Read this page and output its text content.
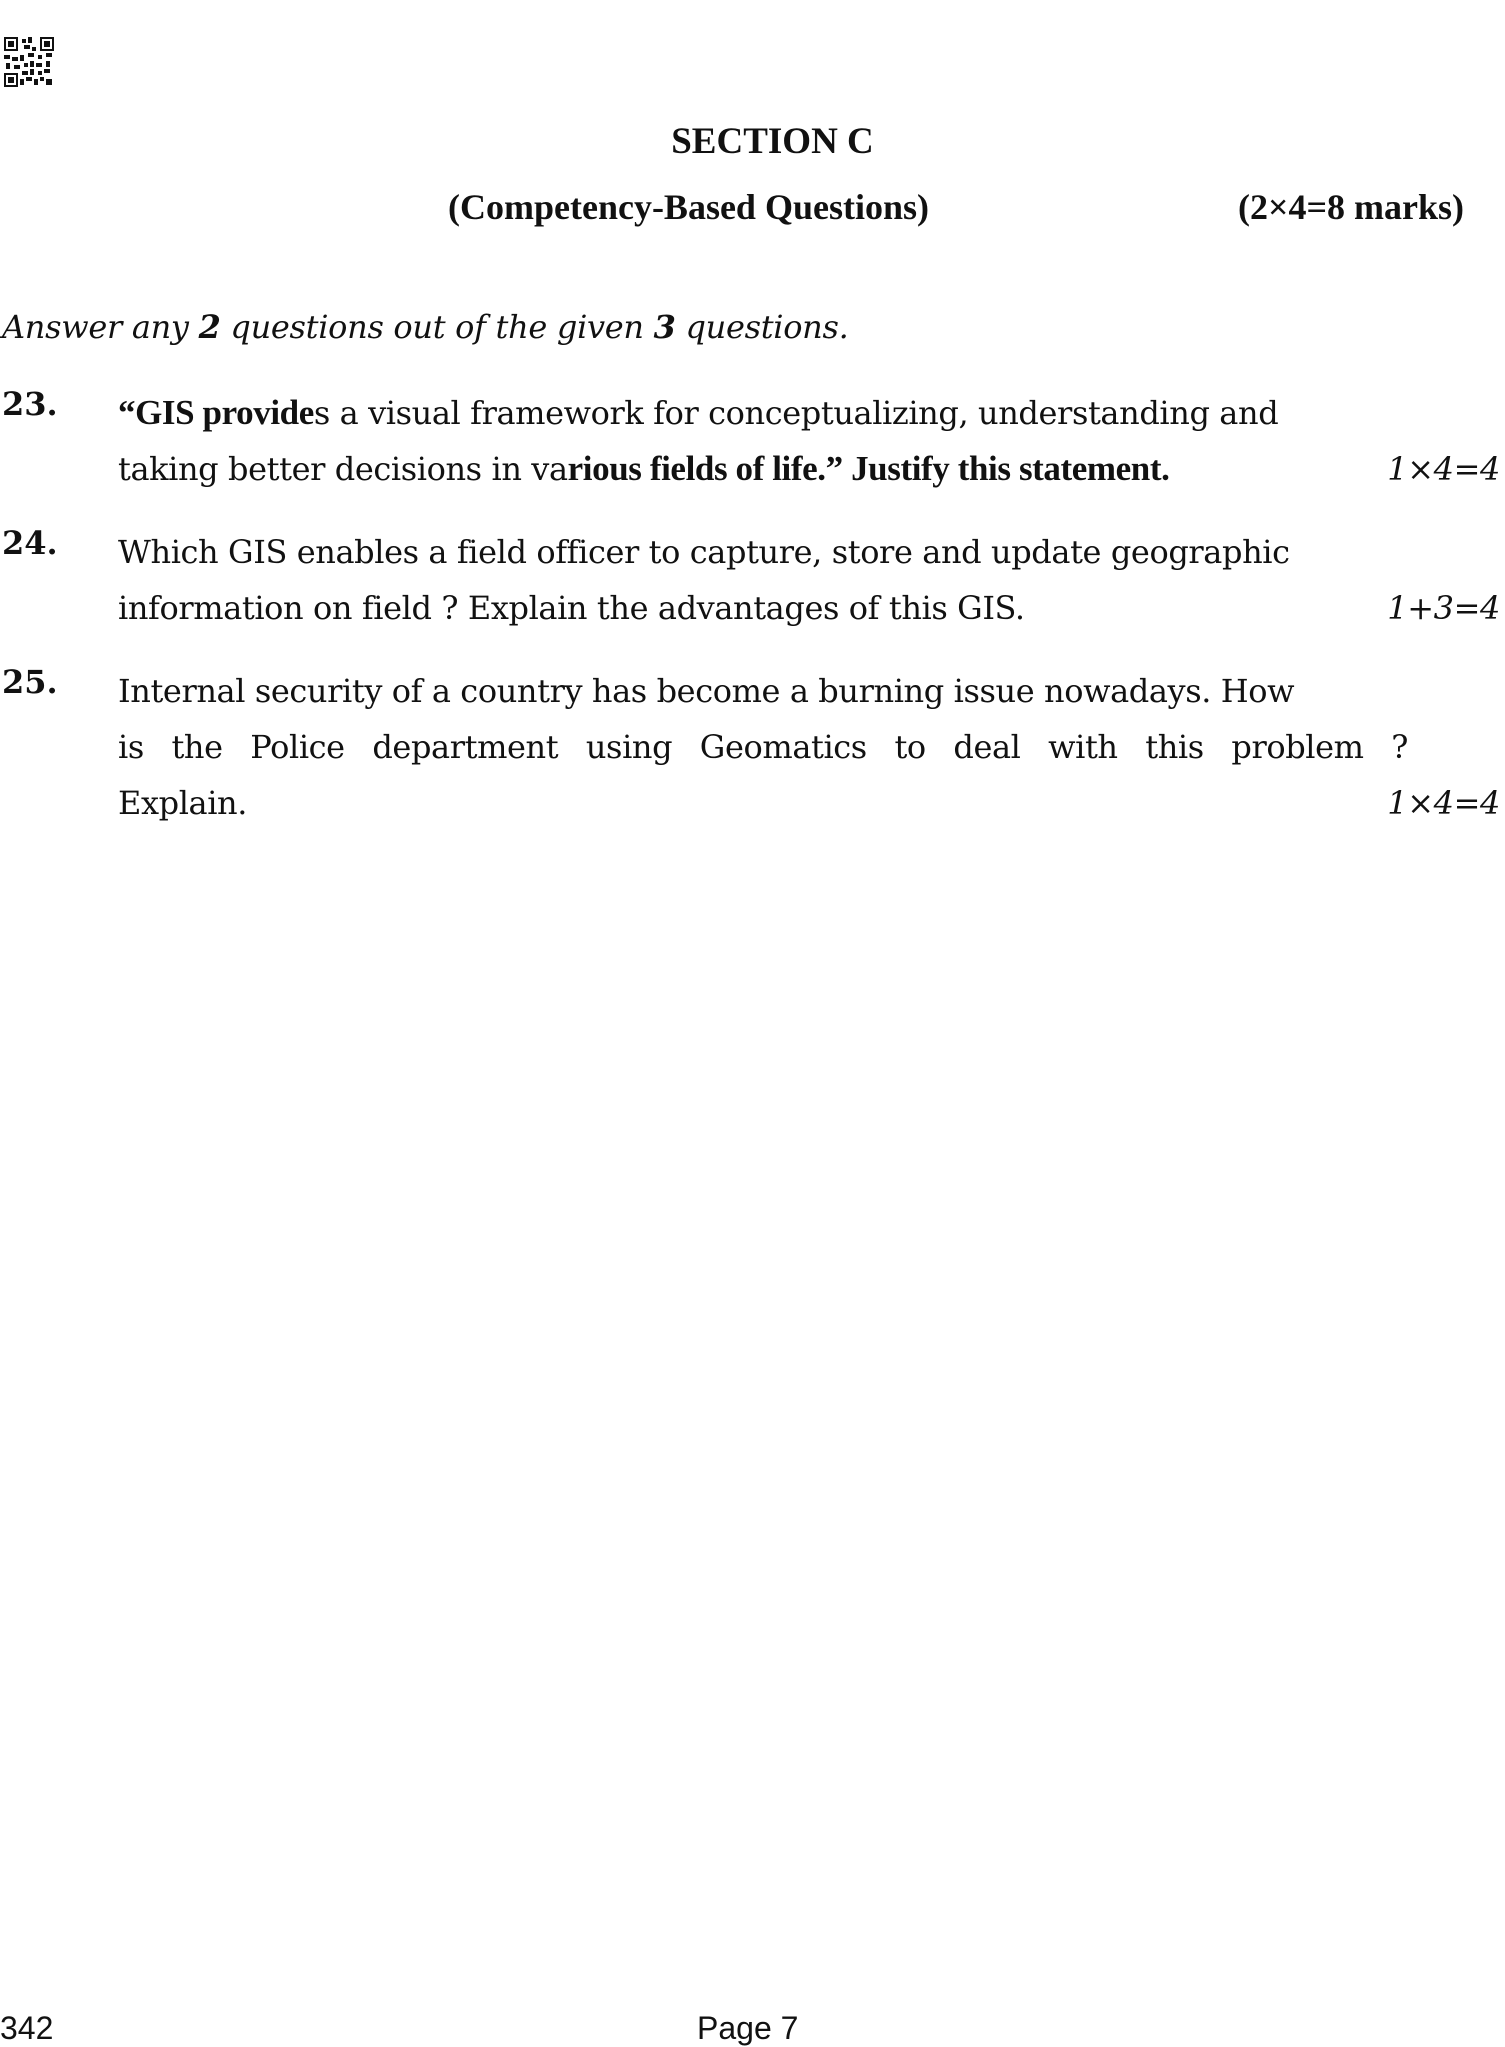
SECTION C
(Competency-Based Questions)	(2×4=8 marks)
Answer any 2 questions out of the given 3 questions.
23. “GIS provides a visual framework for conceptualizing, understanding and
taking better decisions in various fields of life.” Justify this statement.	1×4=4
24. Which GIS enables a field officer to capture, store and update geographic
information on field ? Explain the advantages of this GIS.	1+3=4
25. Internal security of a country has become a burning issue nowadays. How
is the Police department using Geomatics to deal with this problem ?
Explain.	1×4=4
342	Page 7
